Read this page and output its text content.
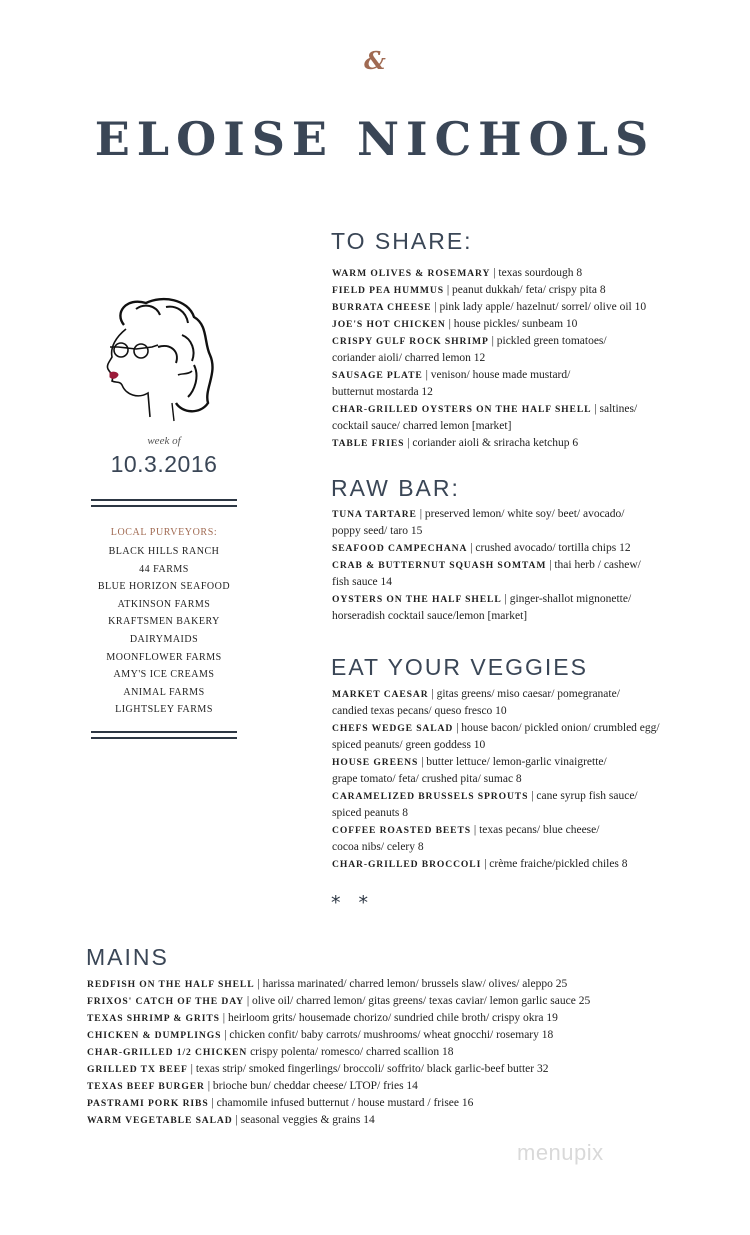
&
ELOISE NICHOLS
week of
10.3.2016
LOCAL PURVEYORS:
BLACK HILLS RANCH
44 FARMS
BLUE HORIZON SEAFOOD
ATKINSON FARMS
KRAFTSMEN BAKERY
DAIRYMAIDS
MOONFLOWER FARMS
AMY'S ICE CREAMS
ANIMAL FARMS
LIGHTSLEY FARMS
TO SHARE:
WARM OLIVES & ROSEMARY | texas sourdough 8
FIELD PEA HUMMUS | peanut dukkah/ feta/ crispy pita 8
BURRATA CHEESE | pink lady apple/ hazelnut/ sorrel/ olive oil 10
JOE'S HOT CHICKEN | house pickles/ sunbeam 10
CRISPY GULF ROCK SHRIMP | pickled green tomatoes/
coriander aioli/ charred lemon 12
SAUSAGE PLATE | venison/ house made mustard/
butternut mostarda 12
CHAR-GRILLED OYSTERS ON THE HALF SHELL | saltines/
cocktail sauce/ charred lemon [market]
TABLE FRIES | coriander aioli & sriracha ketchup 6
RAW BAR:
TUNA TARTARE | preserved lemon/ white soy/ beet/ avocado/
poppy seed/ taro 15
SEAFOOD CAMPECHANA | crushed avocado/ tortilla chips 12
CRAB & BUTTERNUT SQUASH SOMTAM | thai herb / cashew/
fish sauce 14
OYSTERS ON THE HALF SHELL | ginger-shallot mignonette/
horseradish cocktail sauce/lemon [market]
EAT YOUR VEGGIES
MARKET CAESAR | gitas greens/ miso caesar/ pomegranate/
candied texas pecans/ queso fresco 10
CHEFS WEDGE SALAD | house bacon/ pickled onion/ crumbled egg/
spiced peanuts/ green goddess 10
HOUSE GREENS | butter lettuce/ lemon-garlic vinaigrette/
grape tomato/ feta/ crushed pita/ sumac 8
CARAMELIZED BRUSSELS SPROUTS | cane syrup fish sauce/
spiced peanuts 8
COFFEE ROASTED BEETS | texas pecans/ blue cheese/
cocoa nibs/ celery 8
CHAR-GRILLED BROCCOLI | crème fraiche/pickled chiles 8
* *
MAINS
REDFISH ON THE HALF SHELL | harissa marinated/ charred lemon/ brussels slaw/ olives/ aleppo 25
FRIXOS' CATCH OF THE DAY | olive oil/ charred lemon/ gitas greens/ texas caviar/ lemon garlic sauce 25
TEXAS SHRIMP & GRITS | heirloom grits/ housemade chorizo/ sundried chile broth/ crispy okra 19
CHICKEN & DUMPLINGS | chicken confit/ baby carrots/ mushrooms/ wheat gnocchi/ rosemary 18
CHAR-GRILLED 1/2 CHICKEN crispy polenta/ romesco/ charred scallion 18
GRILLED TX BEEF | texas strip/ smoked fingerlings/ broccoli/ soffrito/ black garlic-beef butter 32
TEXAS BEEF BURGER | brioche bun/ cheddar cheese/ LTOP/ fries 14
PASTRAMI PORK RIBS | chamomile infused butternut / house mustard / frisee 16
WARM VEGETABLE SALAD | seasonal veggies & grains 14
menupix
